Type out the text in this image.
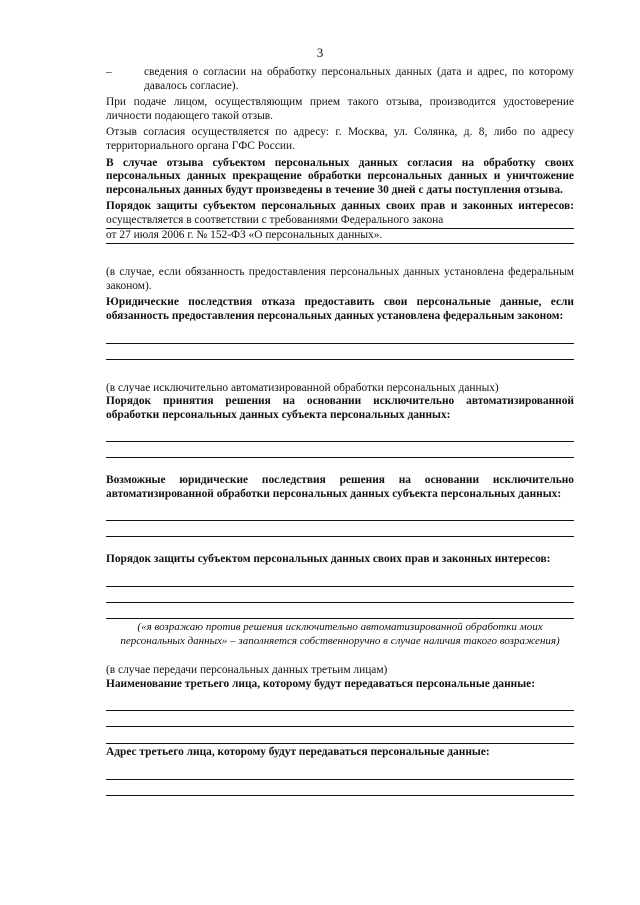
3
–	сведения о согласии на обработку персональных данных (дата и адрес, по которому давалось согласие).

При подаче лицом, осуществляющим прием такого отзыва, производится удостоверение личности подающего такой отзыв.

Отзыв согласия осуществляется по адресу: г. Москва, ул. Солянка, д. 8, либо по адресу территориального органа ГФС России.

В случае отзыва субъектом персональных данных согласия на обработку своих персональных данных прекращение обработки персональных данных и уничтожение персональных данных будут произведены в течение 30 дней с даты поступления отзыва.

Порядок защиты субъектом персональных данных своих прав и законных интересов: осуществляется в соответствии с требованиями Федерального закона

от 27 июля 2006 г. № 152-ФЗ «О персональных данных».

(в случае, если обязанность предоставления персональных данных установлена федеральным законом).

Юридические последствия отказа предоставить свои персональные данные, если обязанность предоставления персональных данных установлена федеральным законом:

(в случае исключительно автоматизированной обработки персональных данных)

Порядок принятия решения на основании исключительно автоматизированной обработки персональных данных субъекта персональных данных:

Возможные юридические последствия решения на основании исключительно автоматизированной обработки персональных данных субъекта персональных данных:

Порядок защиты субъектом персональных данных своих прав и законных интересов:

(«я возражаю против решения исключительно автоматизированной обработки моих персональных данных» – заполняется собственноручно в случае наличия такого возражения)

(в случае передачи персональных данных третьим лицам)

Наименование третьего лица, которому будут передаваться персональные данные:

Адрес третьего лица, которому будут передаваться персональные данные:
